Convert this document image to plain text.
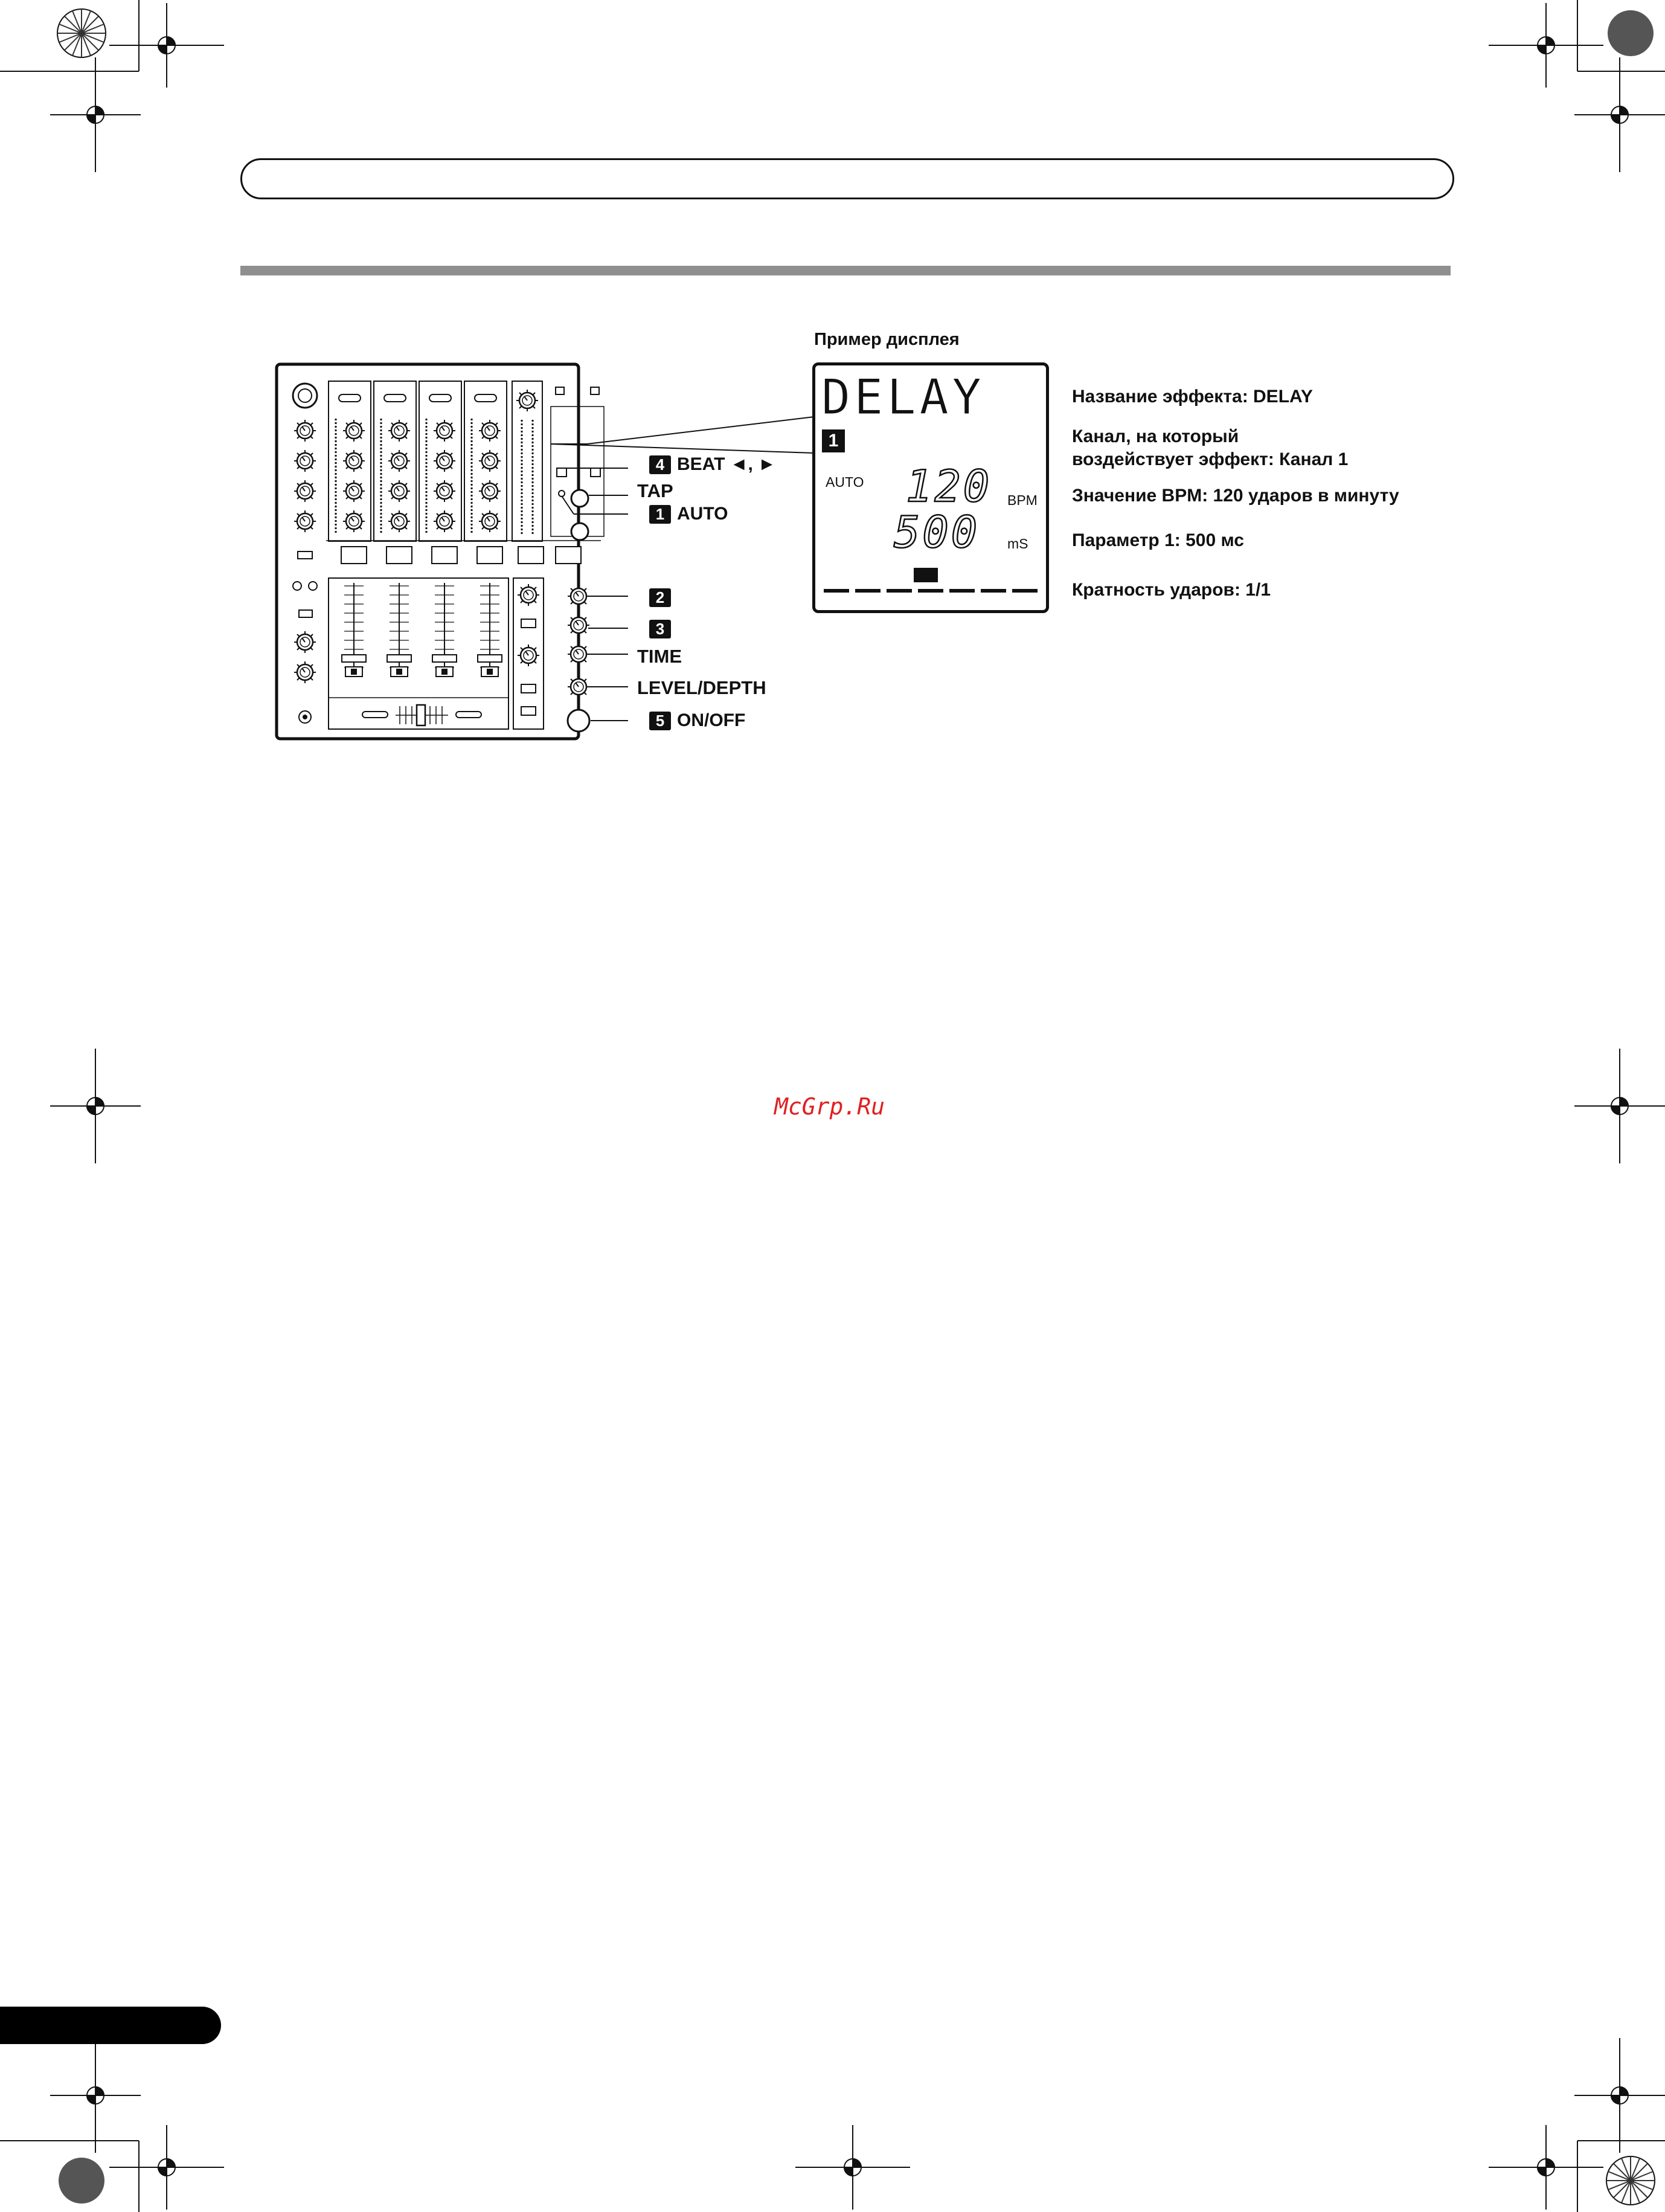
4 BEAT ◄, ►
TAP
1 AUTO
2
3
TIME
LEVEL/DEPTH
5 ON/OFF
Пример дисплея
DELAY
1
AUTO 120 BPM
500 mS
Название эффекта: DELAY
Канал, на который
воздействует эффект: Канал 1
Значение BPM: 120 ударов в минуту
Параметр 1: 500 мс
Кратность ударов: 1/1
McGrp.Ru
